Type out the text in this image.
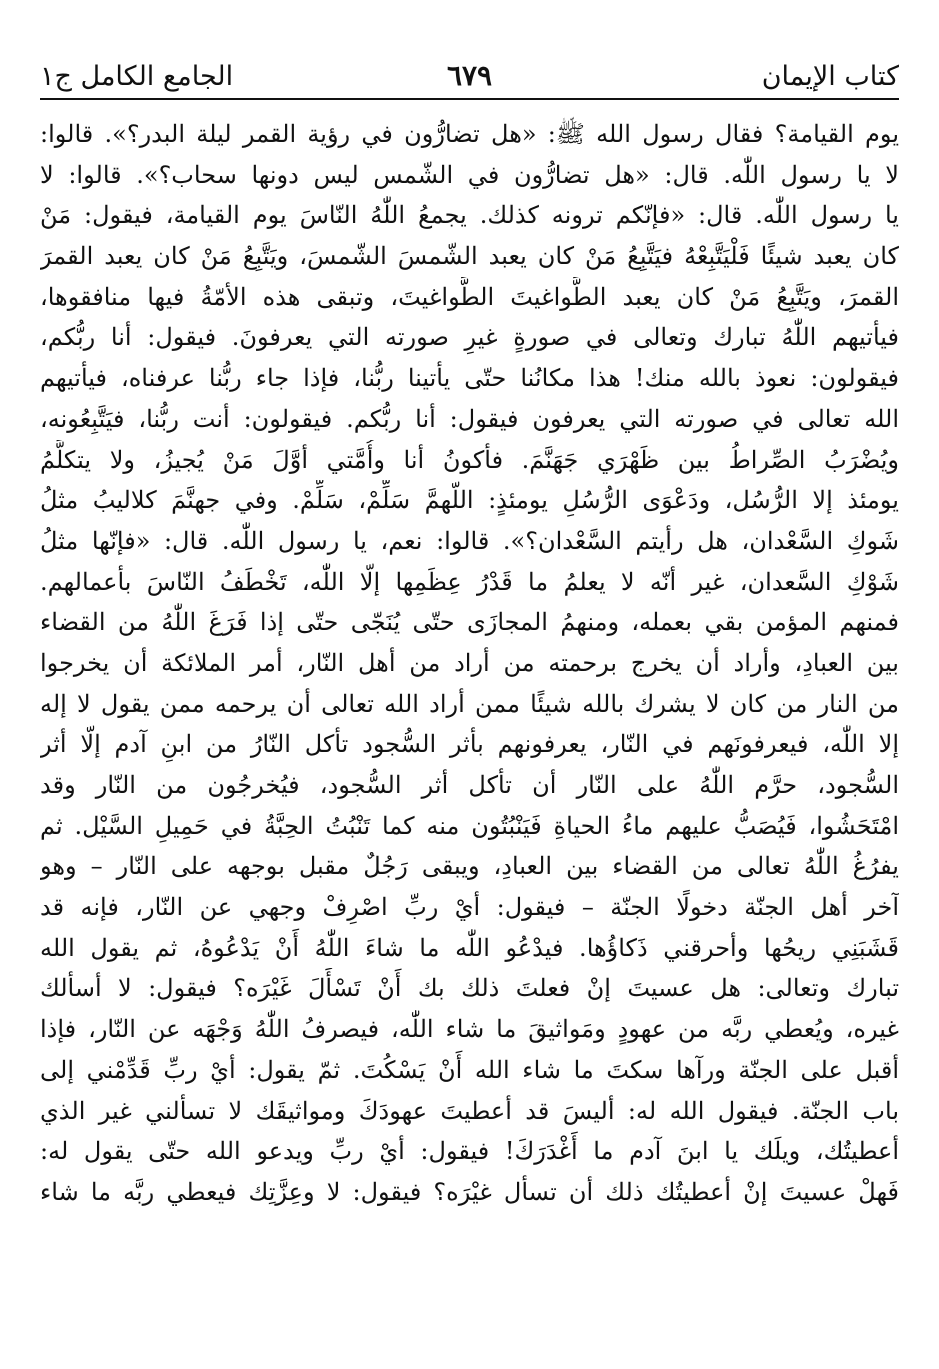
كتاب الإيمان
٦٧٩
الجامع الكامل ج١
يوم القيامة؟ فقال رسول الله ﷺ: «هل تضارُّون في رؤية القمر ليلة البدر؟». قالوا:
لا يا رسول اللّٰه. قال: «هل تضارُّون في الشّمس ليس دونها سحاب؟». قالوا: لا
يا رسول اللّٰه. قال: «فإنّكم ترونه كذلك. يجمعُ اللّٰهُ النّاسَ يوم القيامة، فيقول: مَنْ
كان يعبد شيئًا فَلْيَتَّبِعْهُ فيَتَّبِعُ مَنْ كان يعبد الشّمسَ الشّمسَ، ويَتَّبِعُ مَنْ كان يعبد القمرَ
القمرَ، ويَتَّبِعُ مَنْ كان يعبد الطَّواغيتَ الطَّواغيتَ، وتبقى هذه الأمّةُ فيها منافقوها،
فيأتيهم اللّٰهُ تبارك وتعالى في صورةٍ غيرِ صورته التي يعرفونَ. فيقول: أنا ربُّكم،
فيقولون: نعوذ بالله منك! هذا مكانُنا حتّى يأتينا ربُّنا، فإذا جاء ربُّنا عرفناه، فيأتيهم
الله تعالى في صورته التي يعرفون فيقول: أنا ربُّكم. فيقولون: أنت ربُّنا، فيَتَّبِعُونه،
ويُضْرَبُ الصِّراطُ بين ظَهْرَي جَهَنَّمَ. فأكونُ أنا وأُمَّتي أوَّلَ مَنْ يُجيزُ، ولا يتكلَّمُ
يومئذ إلا الرُّسُل، ودَعْوَى الرُّسُلِ يومئذٍ: اللّهمَّ سَلِّمْ، سَلِّمْ. وفي جهنَّمَ كلاليبُ مثلُ
شَوكِ السَّعْدان، هل رأيتم السَّعْدان؟». قالوا: نعم، يا رسول اللّٰه. قال: «فإنّها مثلُ
شَوْكِ السَّعدان، غير أنّه لا يعلمُ ما قَدْرُ عِظَمِها إلّا اللّٰه، تَخْطَفُ النّاسَ بأعمالهم.
فمنهم المؤمن بقي بعمله، ومنهمُ المجازَى حتّى يُنَجّى حتّى إذا فَرَغَ اللّٰهُ من القضاء
بين العبادِ، وأراد أن يخرج برحمته من أراد من أهل النّار، أمر الملائكة أن يخرجوا
من النار من كان لا يشرك بالله شيئًا ممن أراد الله تعالى أن يرحمه ممن يقول لا إله
إلا اللّٰه، فيعرفونَهم في النّار، يعرفونهم بأثر السُّجود تأكل النّارُ من ابنِ آدم إلّا أثر
السُّجود، حرَّم اللّٰهُ على النّار أن تأكل أثر السُّجود، فيُخرجُون من النّار وقد
امْتَحَشُوا، فَيُصَبُّ عليهم ماءُ الحياةِ فَيَنْبُتُون منه كما تَنْبُتُ الحِبَّةُ في حَمِيلِ السَّيْل. ثم
يفرُغُ اللّٰهُ تعالى من القضاء بين العبادِ، ويبقى رَجُلٌ مقبل بوجهه على النّار – وهو
آخر أهل الجنّة دخولًا الجنّة – فيقول: أيْ ربِّ اصْرِفْ وجهي عن النّار، فإنه قد
قَشَبَنِي ريحُها وأحرقني ذَكاؤُها. فيدْعُو اللّٰه ما شاءَ اللّٰهُ أَنْ يَدْعُوهُ، ثم يقول الله
تبارك وتعالى: هل عسيتَ إنْ فعلتَ ذلك بك أَنْ تَسْأَلَ غَيْرَه؟ فيقول: لا أسألك
غيره، ويُعطي ربَّه من عهودٍ ومَواثيقَ ما شاء اللّٰه، فيصرفُ اللّٰهُ وَجْهَه عن النّار، فإذا
أقبل على الجنّة ورآها سكتَ ما شاء الله أَنْ يَسْكُتَ. ثمّ يقول: أيْ ربِّ قَدِّمْني إلى
باب الجنّة. فيقول الله له: أليسَ قد أعطيتَ عهودَكَ ومواثيقَك لا تسألني غير الذي
أعطيتُك، ويلَك يا ابنَ آدم ما أَغْدَرَكَ! فيقول: أيْ ربِّ ويدعو الله حتّى يقول له:
فَهلْ عسيتَ إنْ أعطيتُك ذلك أن تسأل غيْرَه؟ فيقول: لا وعِزَّتِك فيعطي ربَّه ما شاء
